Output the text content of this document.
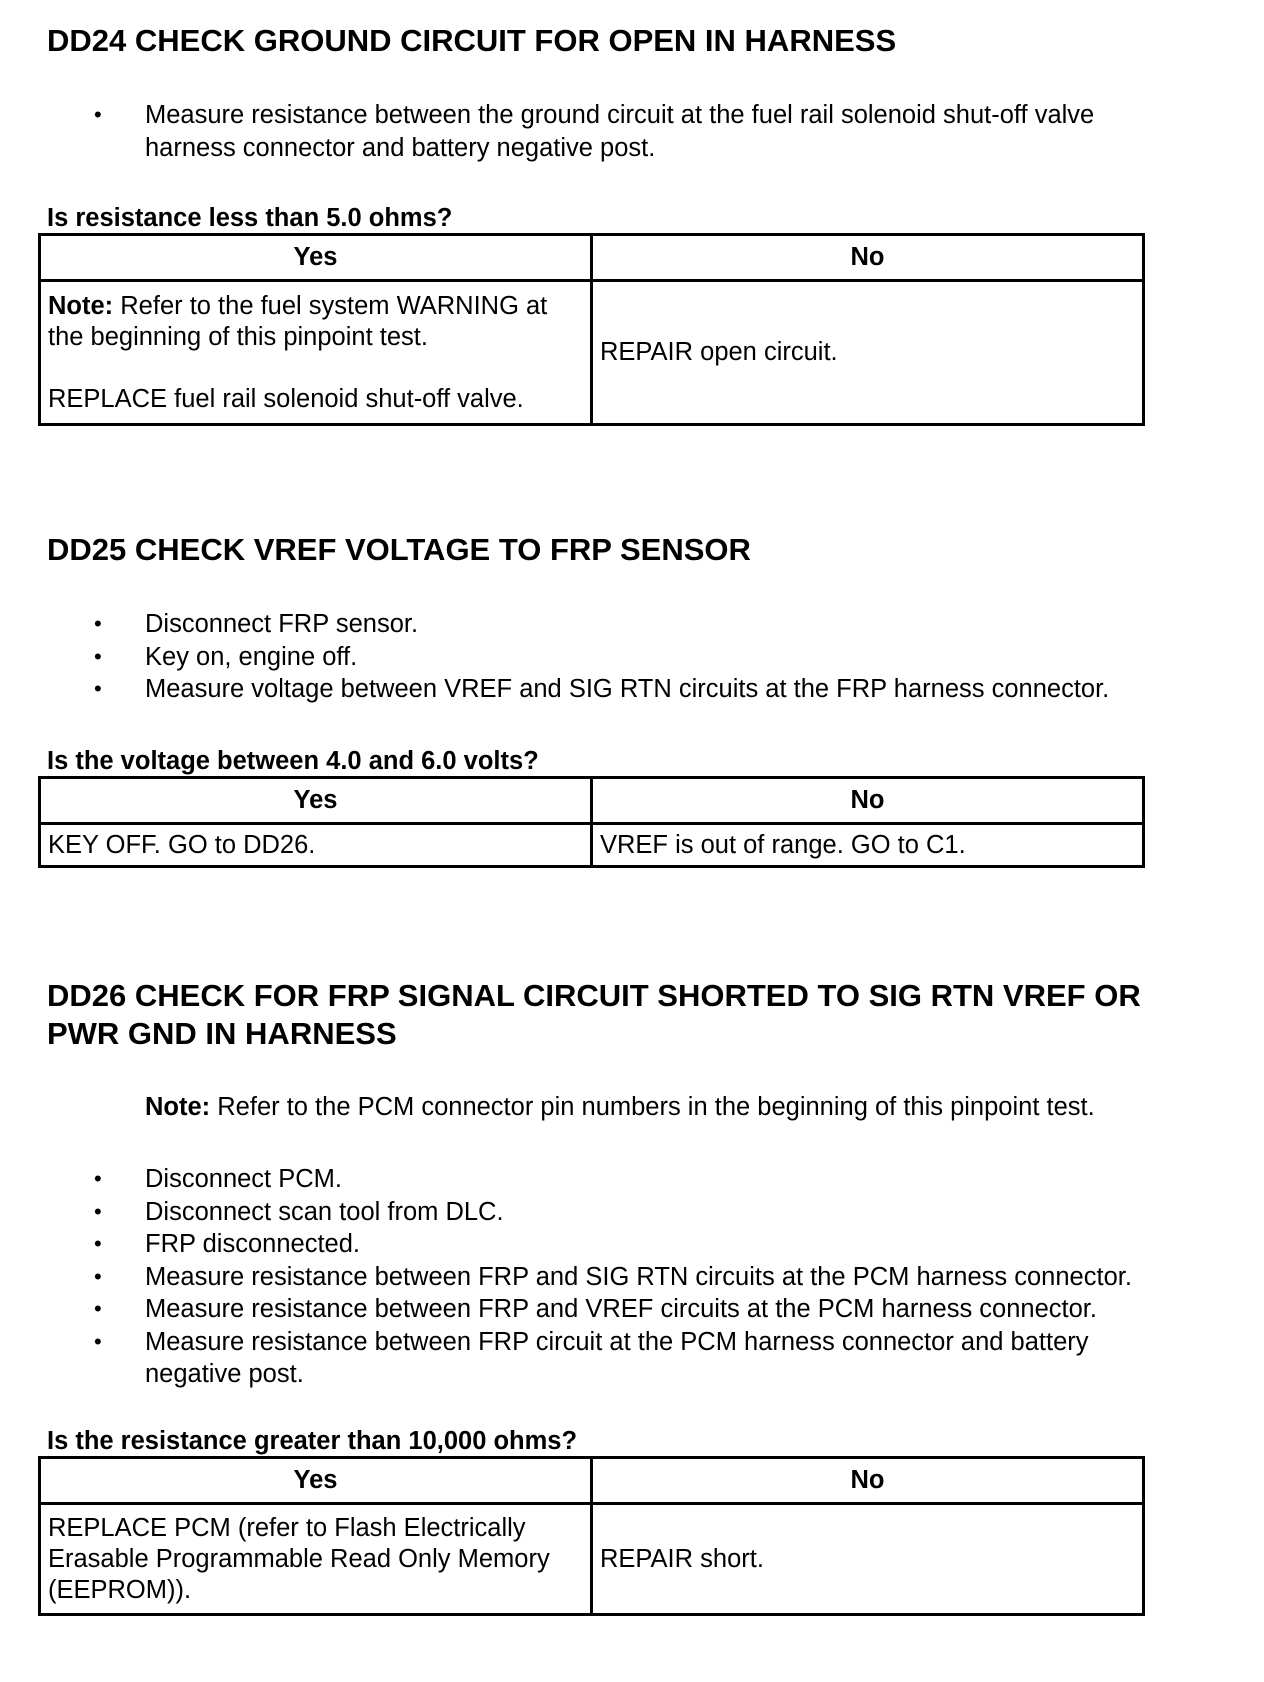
DD24 CHECK GROUND CIRCUIT FOR OPEN IN HARNESS
• Measure resistance between the ground circuit at the fuel rail solenoid shut-off valve harness connector and battery negative post.

Is resistance less than 5.0 ohms?

Yes	No

Note: Refer to the fuel system WARNING at the beginning of this pinpoint test.
REPLACE fuel rail solenoid shut-off valve.	REPAIR open circuit.
DD25 CHECK VREF VOLTAGE TO FRP SENSOR
• Disconnect FRP sensor.
• Key on, engine off.
• Measure voltage between VREF and SIG RTN circuits at the FRP harness connector.

Is the voltage between 4.0 and 6.0 volts?

Yes	No
KEY OFF. GO to DD26.	VREF is out of range. GO to C1.
DD26 CHECK FOR FRP SIGNAL CIRCUIT SHORTED TO SIG RTN VREF OR
PWR GND IN HARNESS

Note: Refer to the PCM connector pin numbers in the beginning of this pinpoint test.

• Disconnect PCM.
• Disconnect scan tool from DLC.
• FRP disconnected.
• Measure resistance between FRP and SIG RTN circuits at the PCM harness connector.
• Measure resistance between FRP and VREF circuits at the PCM harness connector.
• Measure resistance between FRP circuit at the PCM harness connector and battery negative post.

Is the resistance greater than 10,000 ohms?

Yes	No
REPLACE PCM (refer to Flash Electrically Erasable Programmable Read Only Memory (EEPROM)).	REPAIR short.
